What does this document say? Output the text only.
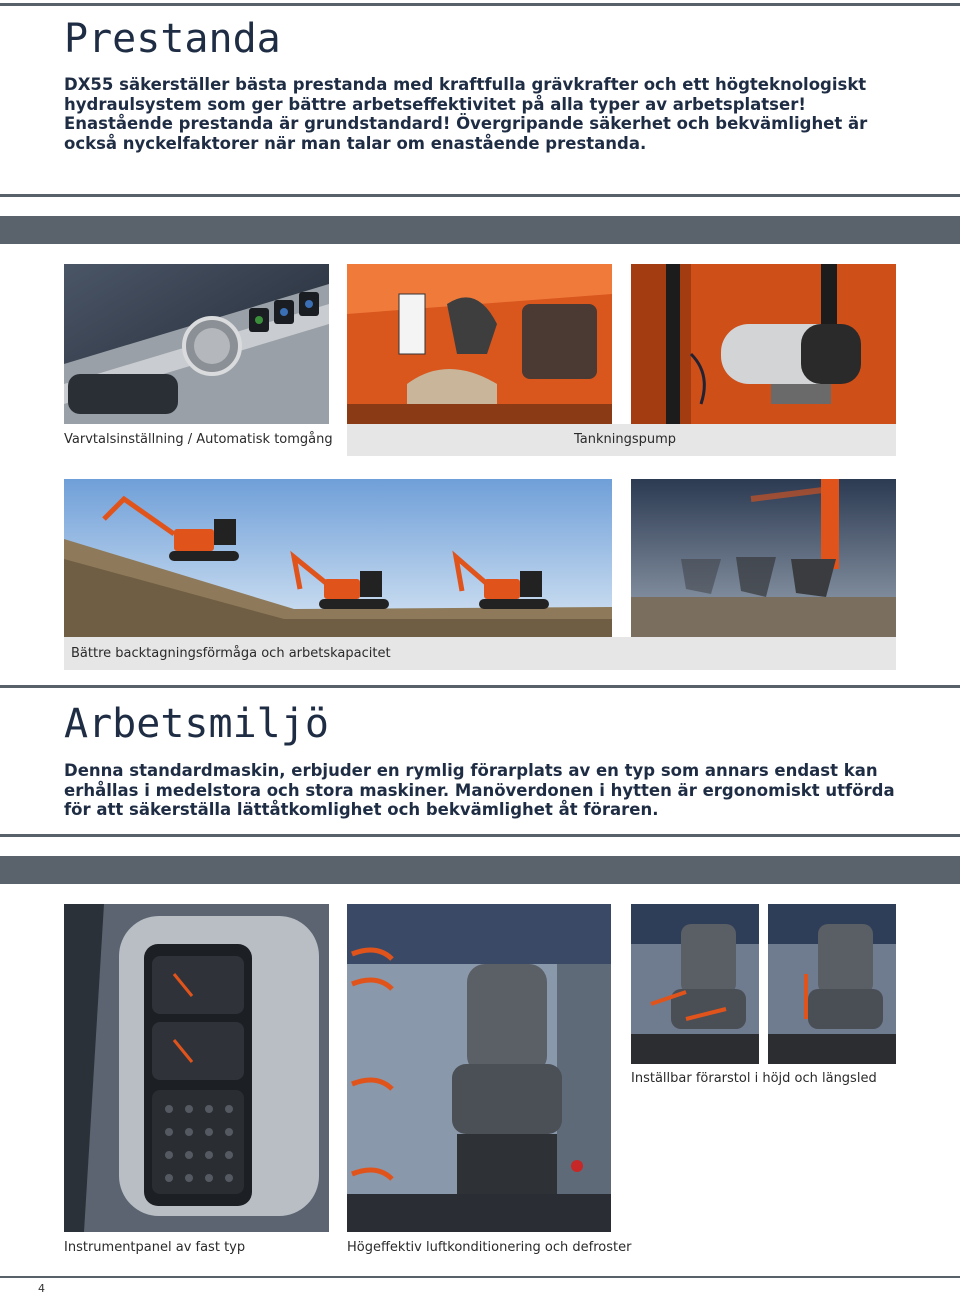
Prestanda

DX55 säkerställer bästa prestanda med kraftfulla grävkrafter och ett högteknologiskt hydraulsystem som ger bättre arbetseffektivitet på alla typer av arbetsplatser! Enastående prestanda är grundstandard! Övergripande säkerhet och bekvämlighet är också nyckelfaktorer när man talar om enastående prestanda.

Varvtalsinställning / Automatisk tomgång	Tankningspump
Bättre backtagningsförmåga och arbetskapacitet
Arbetsmiljö

Denna standardmaskin, erbjuder en rymlig förarplats av en typ som annars endast kan erhållas i medelstora och stora maskiner. Manöverdonen i hytten är ergonomiskt utförda för att säkerställa lättåtkomlighet och bekvämlighet åt föraren.

Inställbar förarstol i höjd och längsled
Instrumentpanel av fast typ	Högeffektiv luftkonditionering och defroster
4
